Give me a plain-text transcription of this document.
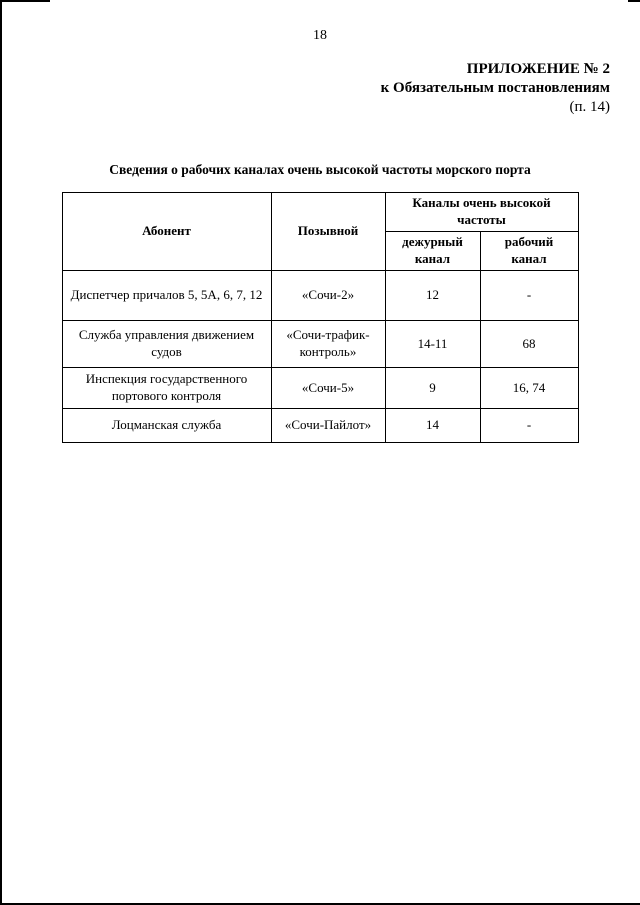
18
ПРИЛОЖЕНИЕ № 2
к Обязательным постановлениям
(п. 14)
Сведения о рабочих каналах очень высокой частоты морского порта
Абонент	Позывной	Каналы очень высокой частоты	
		дежурный канал	рабочий канал
Диспетчер причалов 5, 5А, 6, 7, 12	«Сочи-2»	12	-
Служба управления движением судов	«Сочи-трафик-контроль»	14-11	68
Инспекция государственного портового контроля	«Сочи-5»	9	16, 74
Лоцманская служба	«Сочи-Пайлот»	14	-
